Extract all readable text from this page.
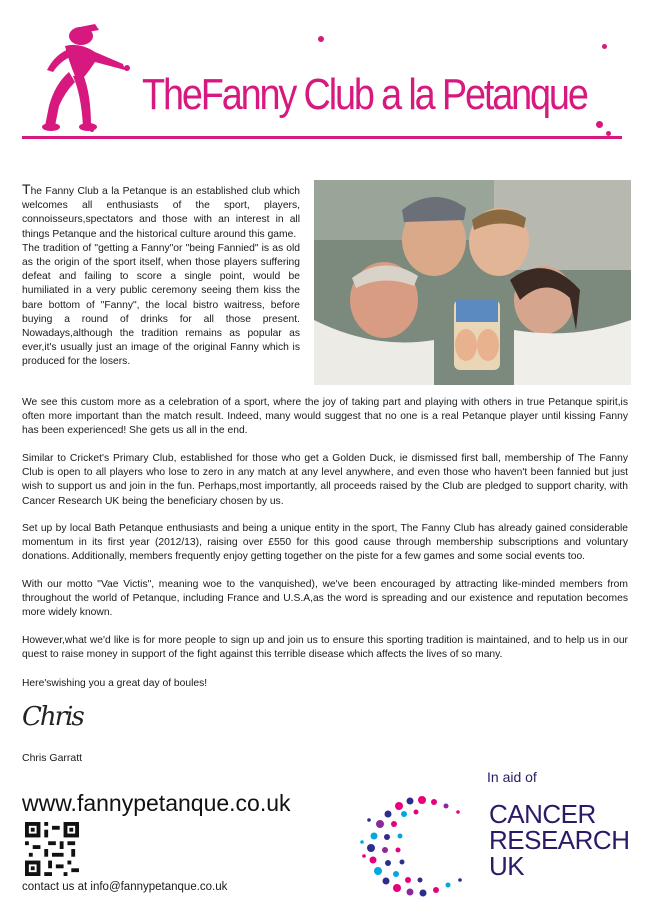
TheFanny Club a la Petanque

The Fanny Club a la Petanque is an established club which welcomes all enthusiasts of the sport, players, connoisseurs,spectators and those with an interest in all things Petanque and the historical culture around this game.

The tradition of "getting a Fanny"or "being Fannied" is as old as the origin of the sport itself, when those players suffering defeat and failing to score a single point, would be humiliated in a very public ceremony seeing them kiss the bare bottom of "Fanny", the local bistro waitress, before buying a round of drinks for all those present. Nowadays,although the tradition remains as popular as ever,it's usually just an image of the original Fanny which is produced for the losers.

We see this custom more as a celebration of a sport, where the joy of taking part and playing with others in true Petanque spirit,is often more important than the match result. Indeed, many would suggest that no one is a real Petanque player until kissing Fanny has been experienced! She gets us all in the end.

Similar to Cricket's Primary Club, established for those who get a Golden Duck, ie dismissed first ball, membership of The Fanny Club is open to all players who lose to zero in any match at any level anywhere, and even those who haven't been fannied but just wish to support us and join in the fun. Perhaps,most importantly, all proceeds raised by the Club are pledged to support charity, with Cancer Research UK being the beneficiary chosen by us.

Set up by local Bath Petanque enthusiasts and being a unique entity in the sport, The Fanny Club has already gained considerable momentum in its first year (2012/13), raising over £550 for this good cause through membership subscriptions and voluntary donations. Additionally, members frequently enjoy getting together on the piste for a few games and some social events too.

With our motto "Vae Victis", meaning woe to the vanquished), we've been encouraged by attracting like-minded members from throughout the world of Petanque, including France and U.S.A,as the word is spreading and our existence and reputation becomes more widely known.

However,what we'd like is for more people to sign up and join us to ensure this sporting tradition is maintained, and to help us in our quest to raise money in support of the fight against this terrible disease which affects the lives of so many.

Here'swishing you a great day of boules!

Chris
Chris Garratt
www.fannypetanque.co.uk
contact us at info@fannypetanque.co.uk
In aid of
CANCER
RESEARCH
UK
